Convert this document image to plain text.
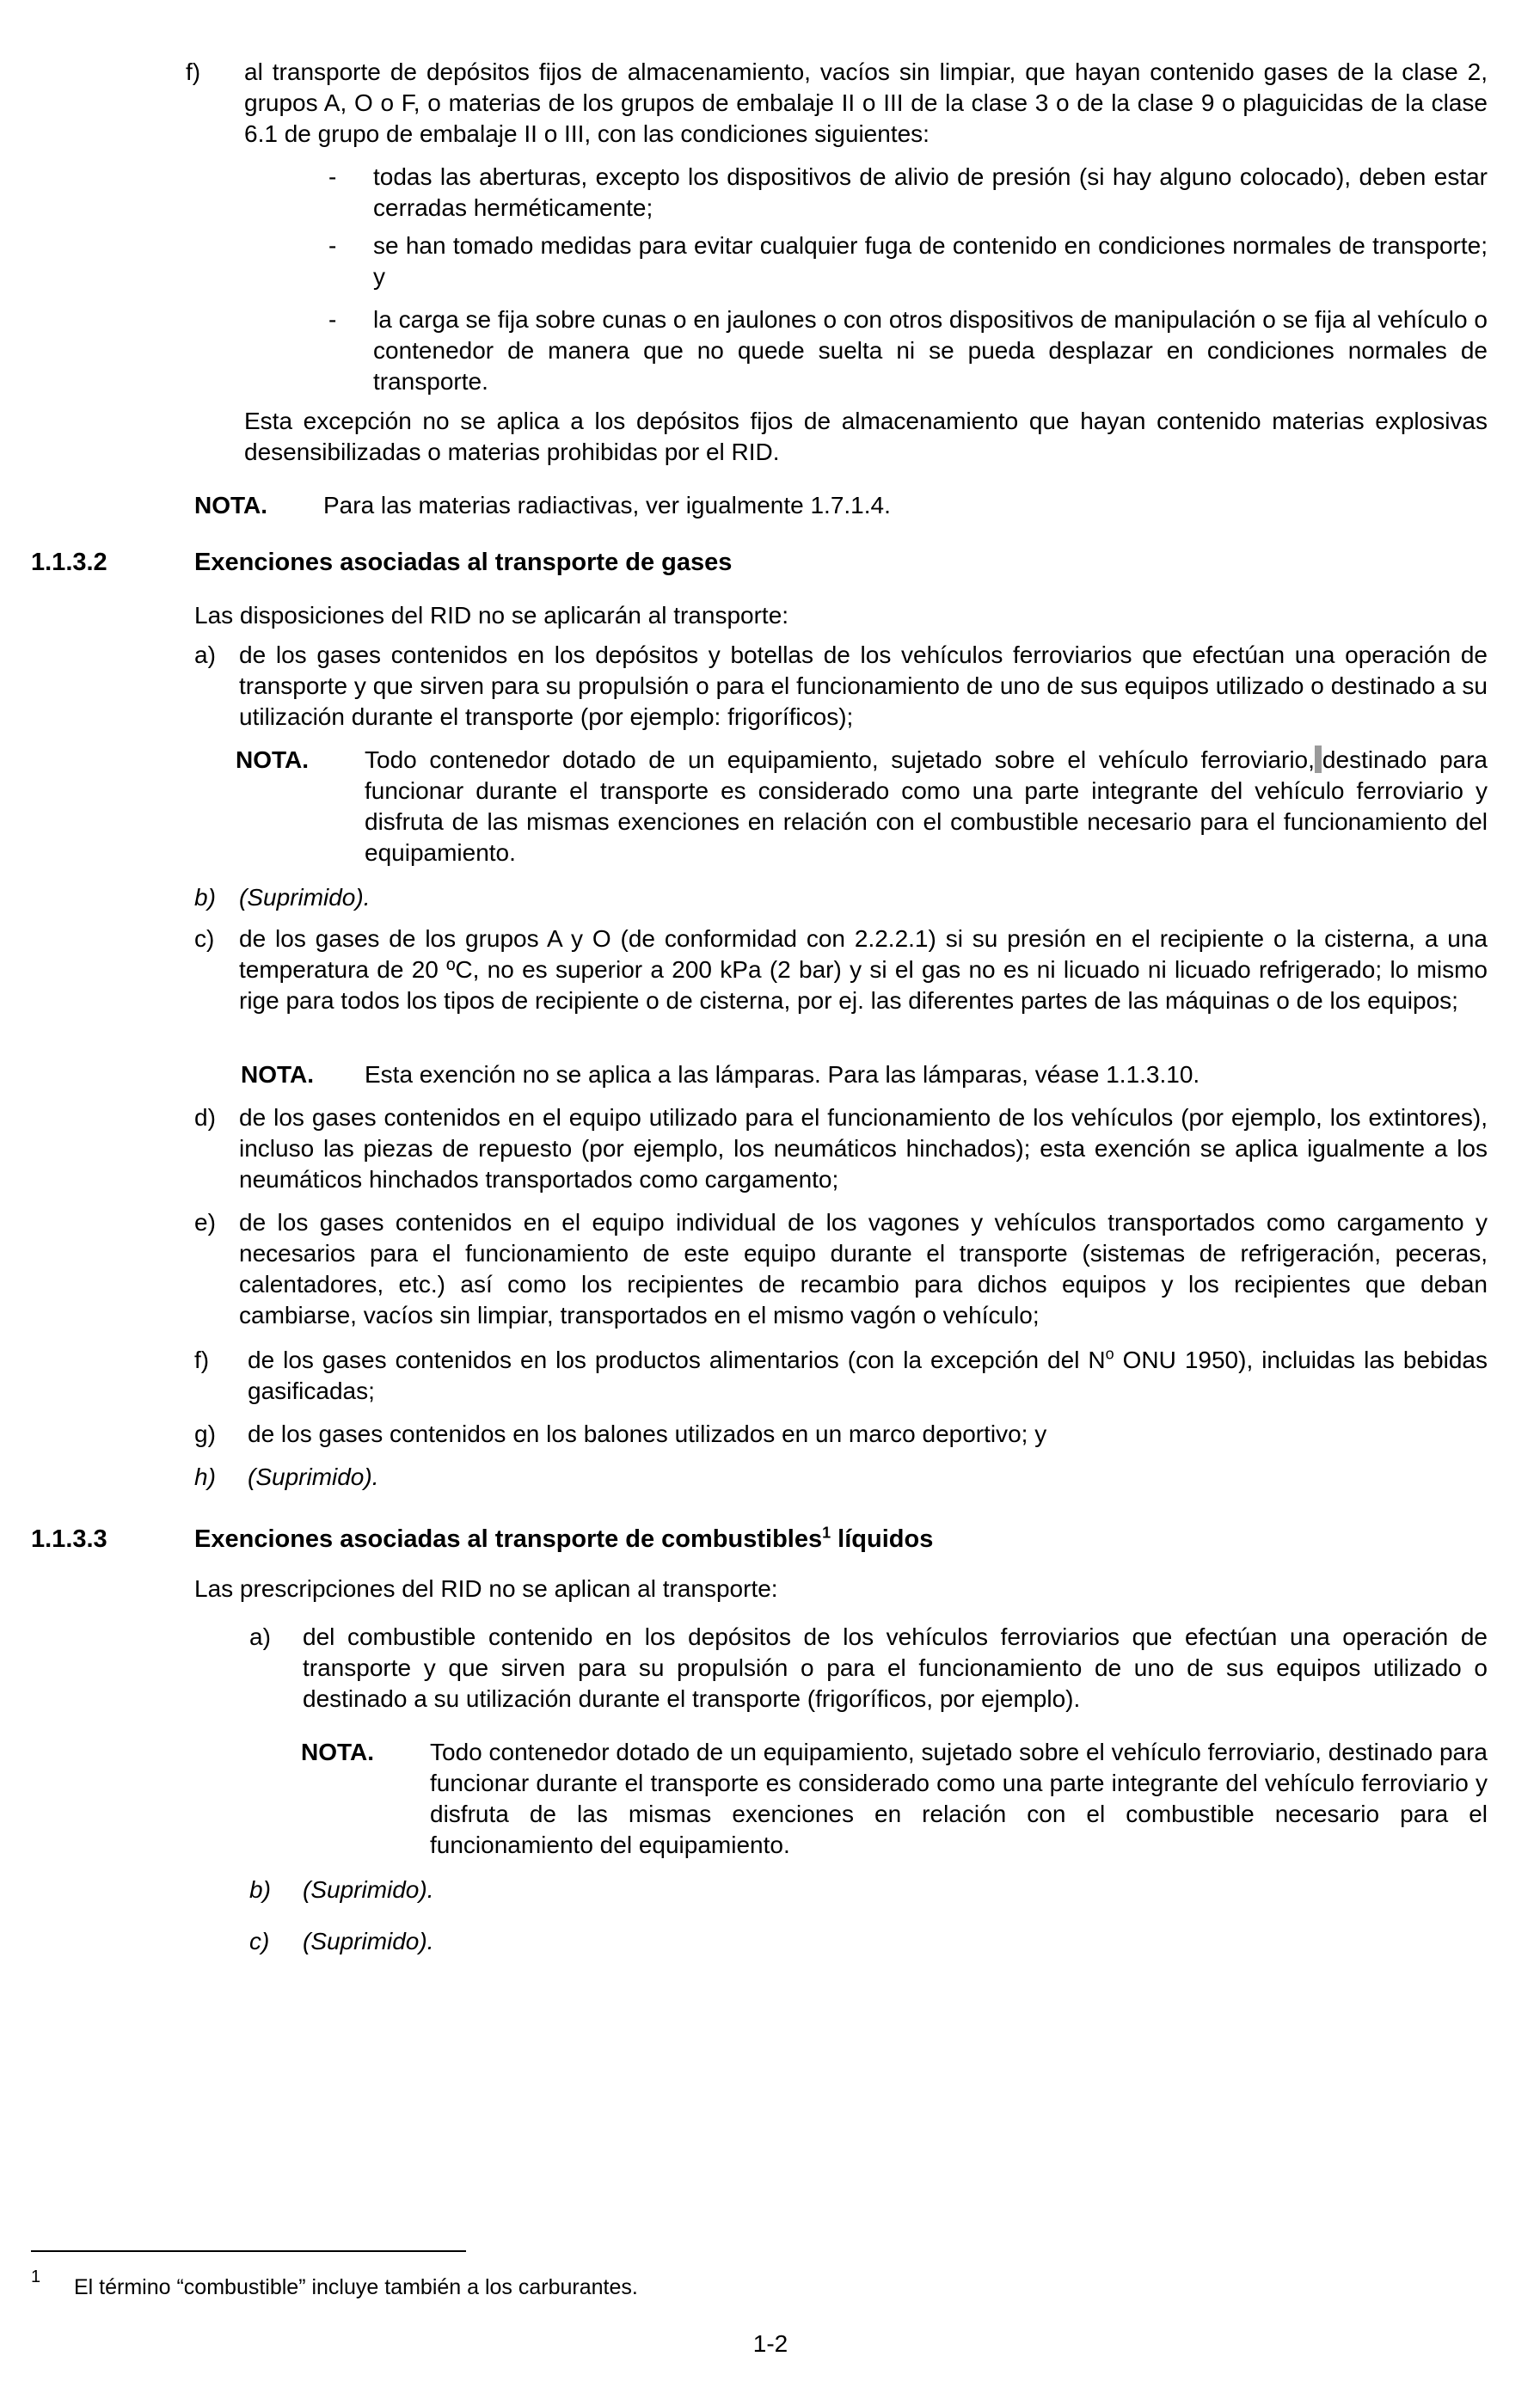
f) al transporte de depósitos fijos de almacenamiento, vacíos sin limpiar, que hayan contenido gases de la clase 2, grupos A, O o F, o materias de los grupos de embalaje II o III de la clase 3 o de la clase 9 o plaguicidas de la clase 6.1 de grupo de embalaje II o III, con las condiciones siguientes:
- todas las aberturas, excepto los dispositivos de alivio de presión (si hay alguno colocado), deben estar cerradas herméticamente;
- se han tomado medidas para evitar cualquier fuga de contenido en condiciones normales de transporte; y
- la carga se fija sobre cunas o en jaulones o con otros dispositivos de manipulación o se fija al vehículo o contenedor de manera que no quede suelta ni se pueda desplazar en condiciones normales de transporte.
Esta excepción no se aplica a los depósitos fijos de almacenamiento que hayan contenido materias explosivas desensibilizadas o materias prohibidas por el RID.
NOTA. Para las materias radiactivas, ver igualmente 1.7.1.4.
1.1.3.2	Exenciones asociadas al transporte de gases
Las disposiciones del RID no se aplicarán al transporte:
a) de los gases contenidos en los depósitos y botellas de los vehículos ferroviarios que efectúan una operación de transporte y que sirven para su propulsión o para el funcionamiento de uno de sus equipos utilizado o destinado a su utilización durante el transporte (por ejemplo: frigoríficos);
NOTA. Todo contenedor dotado de un equipamiento, sujetado sobre el vehículo ferroviario, destinado para funcionar durante el transporte es considerado como una parte integrante del vehículo ferroviario y disfruta de las mismas exenciones en relación con el combustible necesario para el funcionamiento del equipamiento.
b) (Suprimido).
c) de los gases de los grupos A y O (de conformidad con 2.2.2.1) si su presión en el recipiente o la cisterna, a una temperatura de 20 ºC, no es superior a 200 kPa (2 bar) y si el gas no es ni licuado ni licuado refrigerado; lo mismo rige para todos los tipos de recipiente o de cisterna, por ej. las diferentes partes de las máquinas o de los equipos;
NOTA. Esta exención no se aplica a las lámparas. Para las lámparas, véase 1.1.3.10.
d) de los gases contenidos en el equipo utilizado para el funcionamiento de los vehículos (por ejemplo, los extintores), incluso las piezas de repuesto (por ejemplo, los neumáticos hinchados); esta exención se aplica igualmente a los neumáticos hinchados transportados como cargamento;
e) de los gases contenidos en el equipo individual de los vagones y vehículos transportados como cargamento y necesarios para el funcionamiento de este equipo durante el transporte (sistemas de refrigeración, peceras, calentadores, etc.) así como los recipientes de recambio para dichos equipos y los recipientes que deban cambiarse, vacíos sin limpiar, transportados en el mismo vagón o vehículo;
f) de los gases contenidos en los productos alimentarios (con la excepción del $N^o$ ONU 1950), incluidas las bebidas gasificadas;
g) de los gases contenidos en los balones utilizados en un marco deportivo; y
h) (Suprimido).
1.1.3.3	Exenciones asociadas al transporte de combustibles$^1$ líquidos
Las prescripciones del RID no se aplican al transporte:
a) del combustible contenido en los depósitos de los vehículos ferroviarios que efectúan una operación de transporte y que sirven para su propulsión o para el funcionamiento de uno de sus equipos utilizado o destinado a su utilización durante el transporte (frigoríficos, por ejemplo).
NOTA. Todo contenedor dotado de un equipamiento, sujetado sobre el vehículo ferroviario, destinado para funcionar durante el transporte es considerado como una parte integrante del vehículo ferroviario y disfruta de las mismas exenciones en relación con el combustible necesario para el funcionamiento del equipamiento.
b) (Suprimido).
c) (Suprimido).
1 El término “combustible” incluye también a los carburantes.
1-2
